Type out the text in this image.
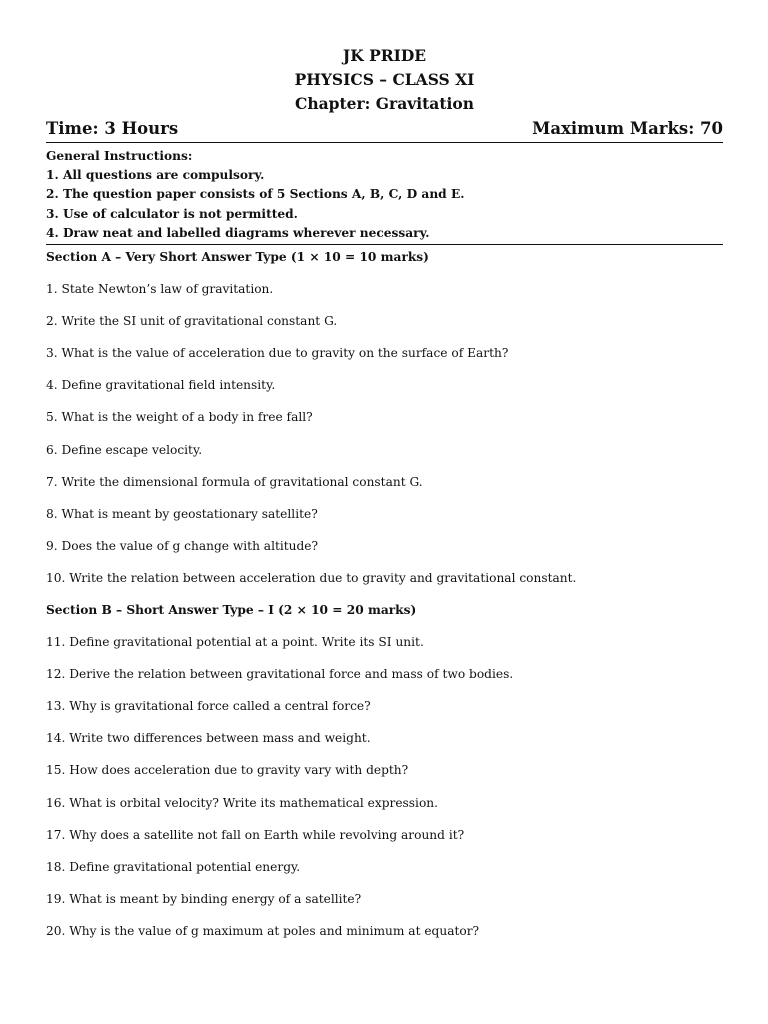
JK PRIDE
PHYSICS – CLASS XI
Chapter: Gravitation
Time: 3 Hours	Maximum Marks: 70
General Instructions:
1. All questions are compulsory.
2. The question paper consists of 5 Sections A, B, C, D and E.
3. Use of calculator is not permitted.
4. Draw neat and labelled diagrams wherever necessary.
Section A – Very Short Answer Type (1 × 10 = 10 marks)
1. State Newton’s law of gravitation.
2. Write the SI unit of gravitational constant G.
3. What is the value of acceleration due to gravity on the surface of Earth?
4. Define gravitational field intensity.
5. What is the weight of a body in free fall?
6. Define escape velocity.
7. Write the dimensional formula of gravitational constant G.
8. What is meant by geostationary satellite?
9. Does the value of g change with altitude?
10. Write the relation between acceleration due to gravity and gravitational constant.
Section B – Short Answer Type – I (2 × 10 = 20 marks)
11. Define gravitational potential at a point. Write its SI unit.
12. Derive the relation between gravitational force and mass of two bodies.
13. Why is gravitational force called a central force?
14. Write two differences between mass and weight.
15. How does acceleration due to gravity vary with depth?
16. What is orbital velocity? Write its mathematical expression.
17. Why does a satellite not fall on Earth while revolving around it?
18. Define gravitational potential energy.
19. What is meant by binding energy of a satellite?
20. Why is the value of g maximum at poles and minimum at equator?
